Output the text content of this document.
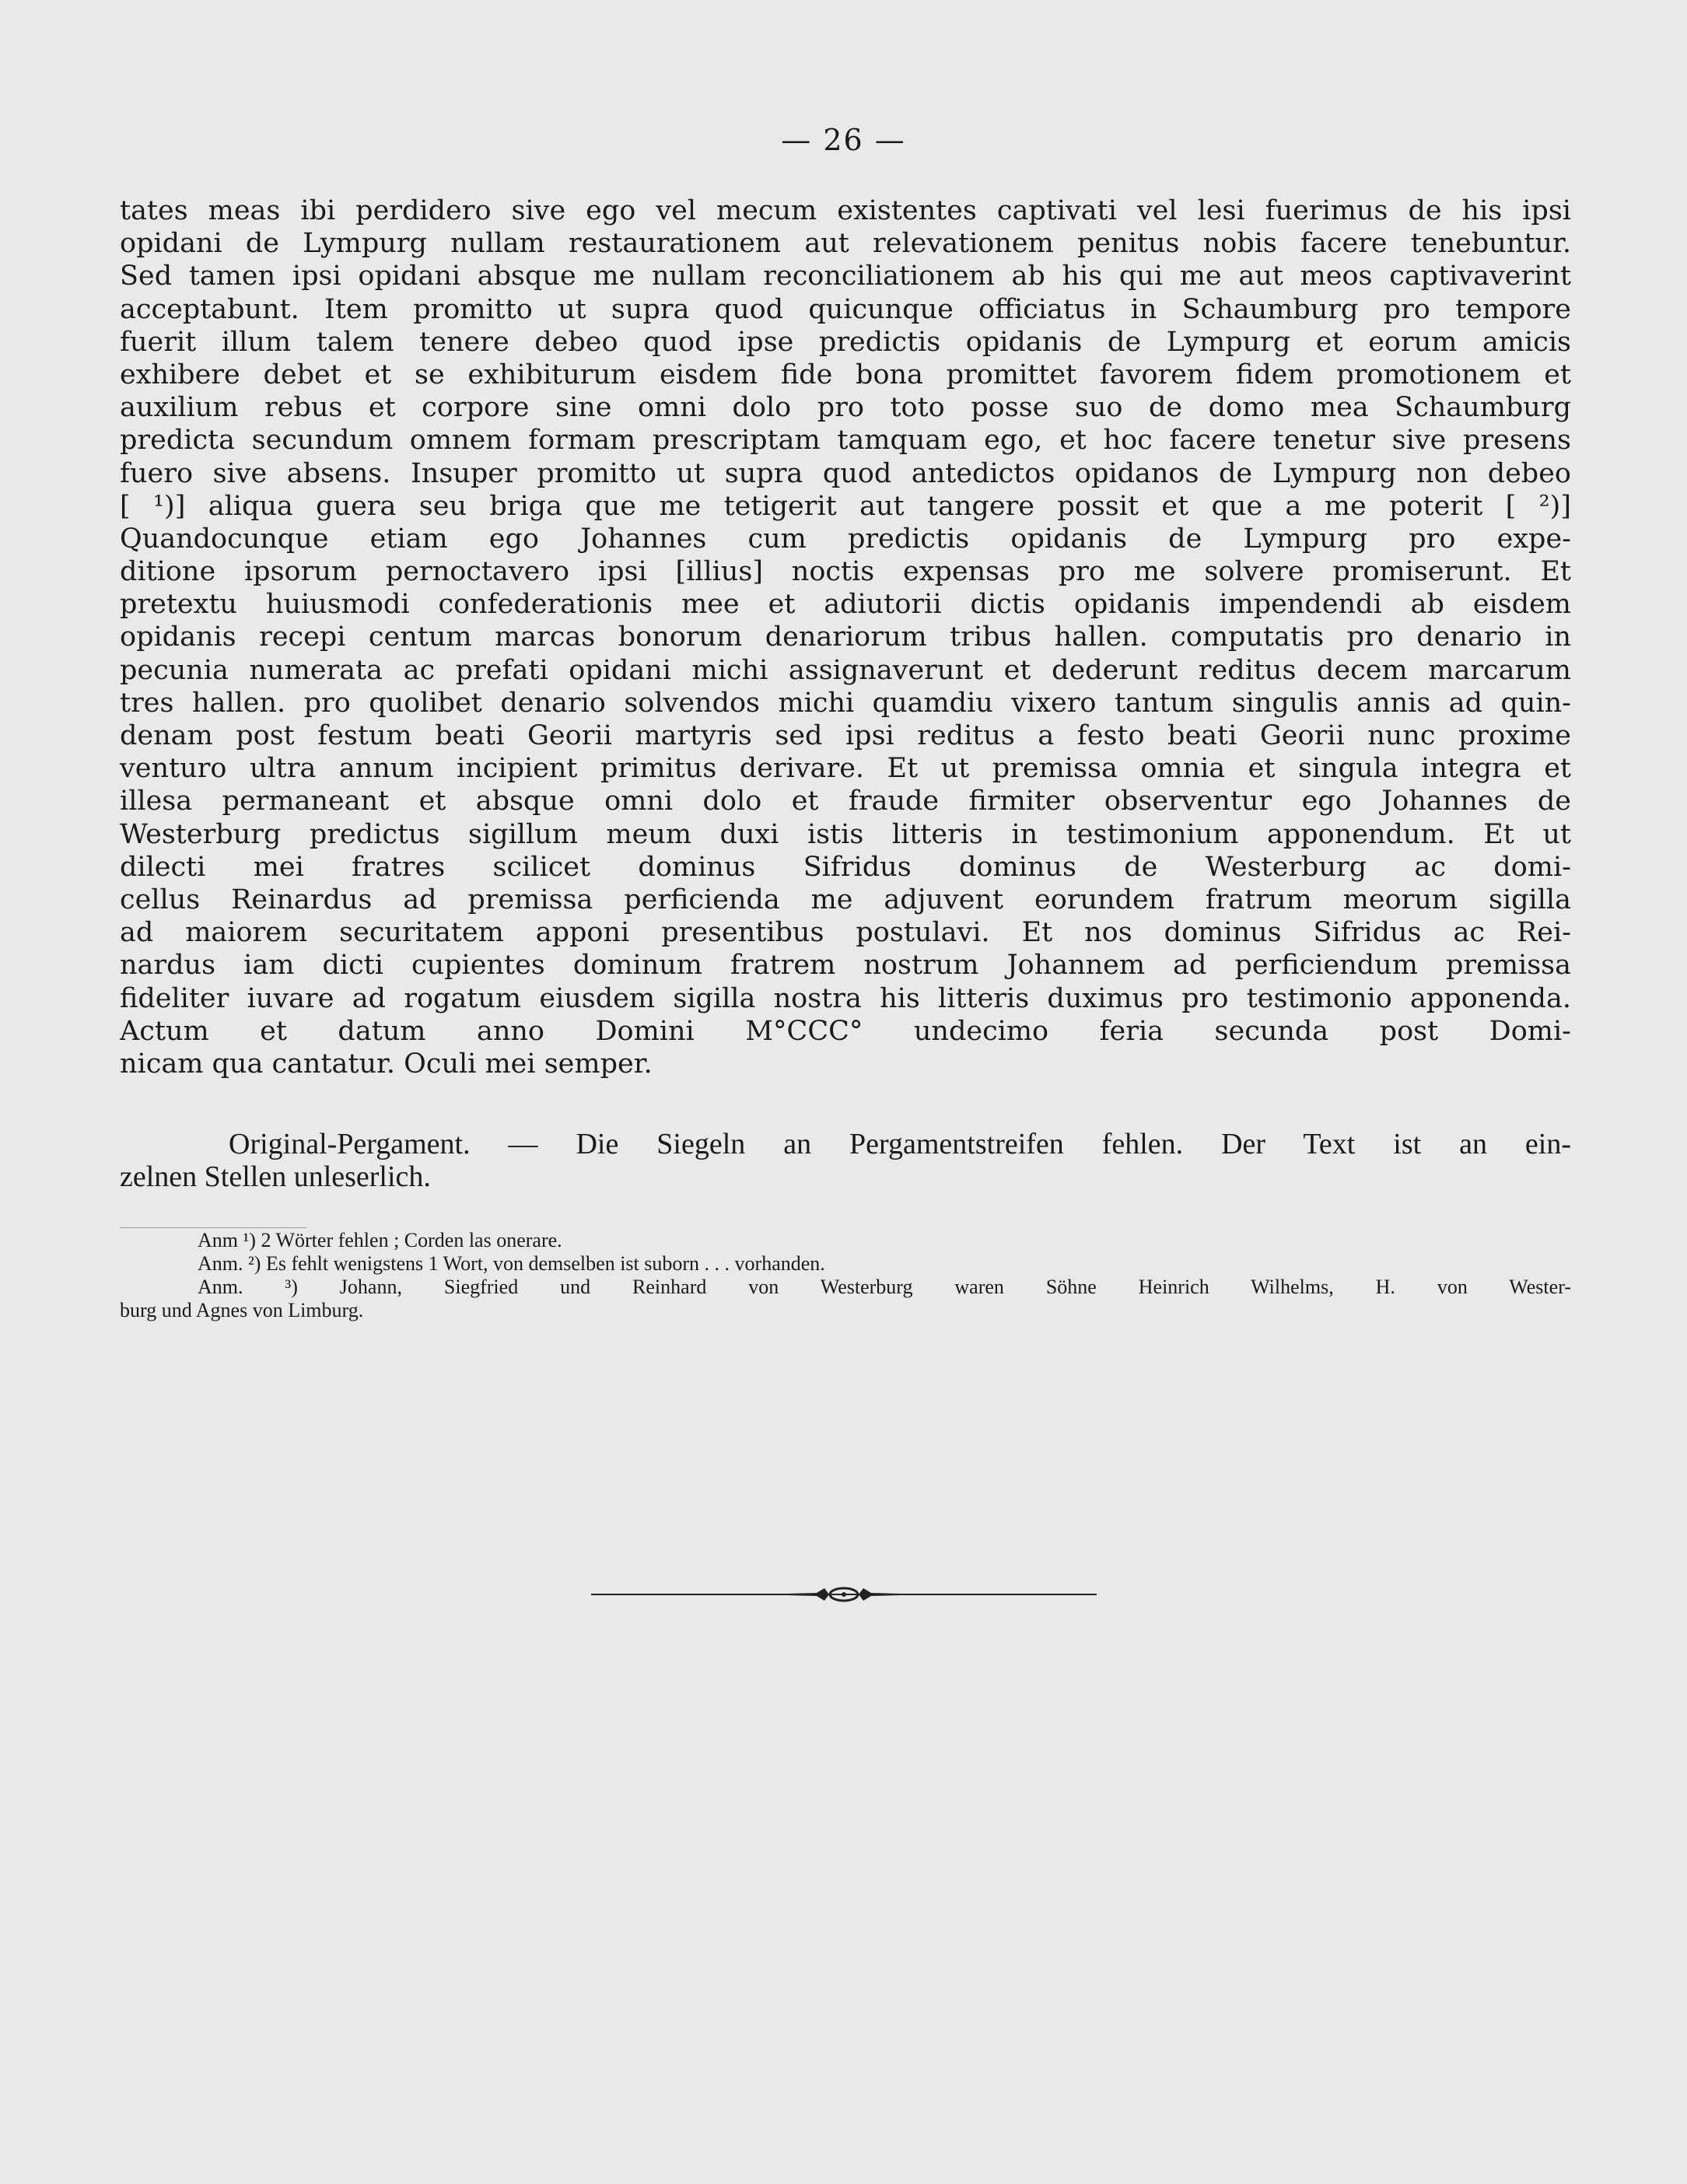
— 26 —
tates meas ibi perdidero sive ego vel mecum existentes captivati vel lesi fuerimus de his ipsi
opidani de Lympurg nullam restaurationem aut relevationem penitus nobis facere tenebuntur.
Sed tamen ipsi opidani absque me nullam reconciliationem ab his qui me aut meos captivaverint
acceptabunt. Item promitto ut supra quod quicunque officiatus in Schaumburg pro tempore
fuerit illum talem tenere debeo quod ipse predictis opidanis de Lympurg et eorum amicis
exhibere debet et se exhibiturum eisdem fide bona promittet favorem fidem promotionem et
auxilium rebus et corpore sine omni dolo pro toto posse suo de domo mea Schaumburg
predicta secundum omnem formam prescriptam tamquam ego, et hoc facere tenetur sive presens
fuero sive absens. Insuper promitto ut supra quod antedictos opidanos de Lympurg non debeo
[ ¹)] aliqua guera seu briga que me tetigerit aut tangere possit et que a me poterit [ ²)]
Quandocunque etiam ego Johannes cum predictis opidanis de Lympurg pro expe-
ditione ipsorum pernoctavero ipsi [illius] noctis expensas pro me solvere promiserunt. Et
pretextu huiusmodi confederationis mee et adiutorii dictis opidanis impendendi ab eisdem
opidanis recepi centum marcas bonorum denariorum tribus hallen. computatis pro denario in
pecunia numerata ac prefati opidani michi assignaverunt et dederunt reditus decem marcarum
tres hallen. pro quolibet denario solvendos michi quamdiu vixero tantum singulis annis ad quin-
denam post festum beati Georii martyris sed ipsi reditus a festo beati Georii nunc proxime
venturo ultra annum incipient primitus derivare. Et ut premissa omnia et singula integra et
illesa permaneant et absque omni dolo et fraude firmiter observentur ego Johannes de
Westerburg predictus sigillum meum duxi istis litteris in testimonium apponendum. Et ut
dilecti mei fratres scilicet dominus Sifridus dominus de Westerburg ac domi-
cellus Reinardus ad premissa perficienda me adjuvent eorundem fratrum meorum sigilla
ad maiorem securitatem apponi presentibus postulavi. Et nos dominus Sifridus ac Rei-
nardus iam dicti cupientes dominum fratrem nostrum Johannem ad perficiendum premissa
fideliter iuvare ad rogatum eiusdem sigilla nostra his litteris duximus pro testimonio apponenda.
Actum et datum anno Domini M°CCC° undecimo feria secunda post Domi-
nicam qua cantatur. Oculi mei semper.
Original-Pergament. — Die Siegeln an Pergamentstreifen fehlen. Der Text ist an ein-
zelnen Stellen unleserlich.
Anm ¹) 2 Wörter fehlen ; Corden las onerare.
Anm. ²) Es fehlt wenigstens 1 Wort, von demselben ist suborn . . . vorhanden.
Anm. ³) Johann, Siegfried und Reinhard von Westerburg waren Söhne Heinrich Wilhelms, H. von Wester-
burg und Agnes von Limburg.
